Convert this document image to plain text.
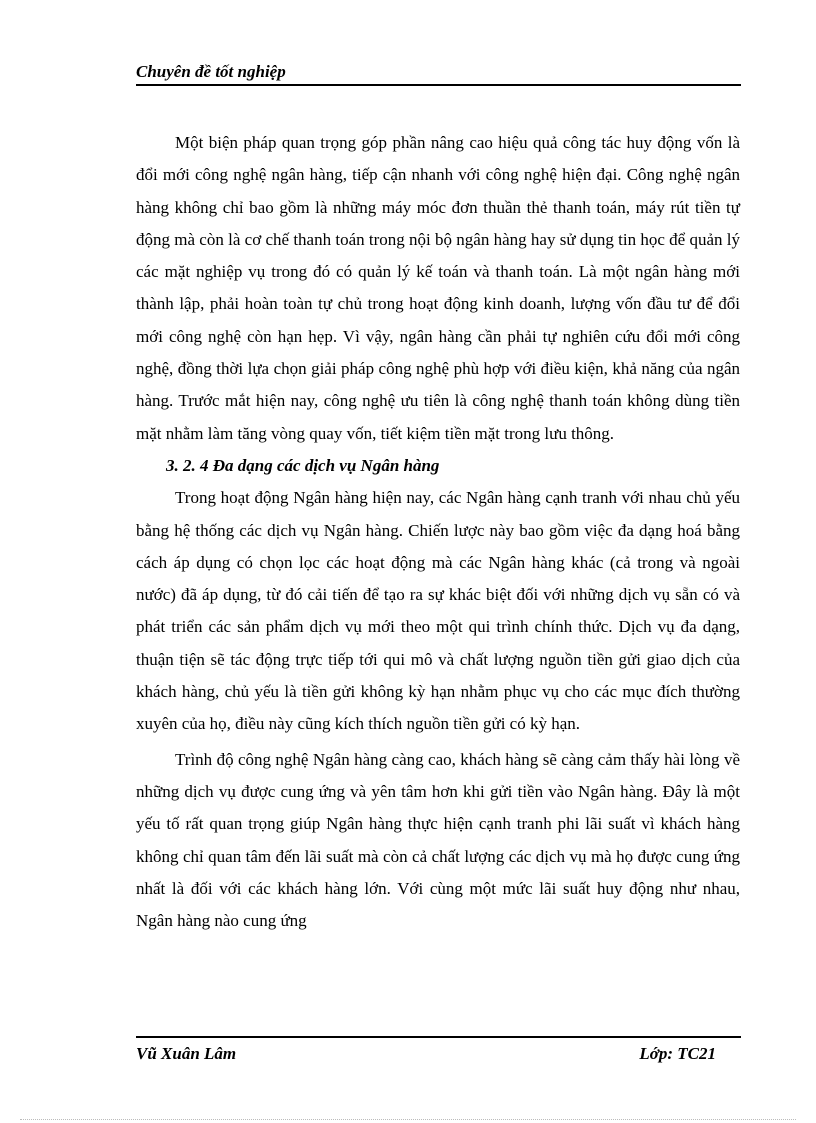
Chuyên đề tốt nghiệp

Một biện pháp quan trọng góp phần nâng cao hiệu quả công tác huy động vốn là đổi mới công nghệ ngân hàng, tiếp cận nhanh với công nghệ hiện đại. Công nghệ ngân hàng không chỉ bao gồm là những máy móc đơn thuần thẻ thanh toán, máy rút tiền tự động mà còn là cơ chế thanh toán trong nội bộ ngân hàng hay sử dụng tin học để quản lý các mặt nghiệp vụ trong đó có quản lý kế toán và thanh toán. Là một ngân hàng mới thành lập, phải hoàn toàn tự chủ trong hoạt động kinh doanh, lượng vốn đầu tư để đổi mới công nghệ còn hạn hẹp. Vì vậy, ngân hàng cần phải tự nghiên cứu đổi mới công nghệ, đồng thời lựa chọn giải pháp công nghệ phù hợp với điều kiện, khả năng của ngân hàng. Trước mắt hiện nay, công nghệ ưu tiên là công nghệ thanh toán không dùng tiền mặt nhằm làm tăng vòng quay vốn, tiết kiệm tiền mặt trong lưu thông.

3. 2. 4 Đa dạng các dịch vụ Ngân hàng

Trong hoạt động Ngân hàng hiện nay, các Ngân hàng cạnh tranh với nhau chủ yếu bằng hệ thống các dịch vụ Ngân hàng. Chiến lược này bao gồm việc đa dạng hoá bằng cách áp dụng có chọn lọc các hoạt động mà các Ngân hàng khác (cả trong và ngoài nước) đã áp dụng, từ đó cải tiến để tạo ra sự khác biệt đối với những dịch vụ sẵn có và phát triển các sản phẩm dịch vụ mới theo một qui trình chính thức. Dịch vụ đa dạng, thuận tiện sẽ tác động trực tiếp tới qui mô và chất lượng nguồn tiền gửi giao dịch của khách hàng, chủ yếu là tiền gửi không kỳ hạn nhằm phục vụ cho các mục đích thường xuyên của họ, điều này cũng kích thích nguồn tiền gửi có kỳ hạn.

Trình độ công nghệ Ngân hàng càng cao, khách hàng sẽ càng cảm thấy hài lòng về những dịch vụ được cung ứng và yên tâm hơn khi gửi tiền vào Ngân hàng. Đây là một yếu tố rất quan trọng giúp Ngân hàng thực hiện cạnh tranh phi lãi suất vì khách hàng không chỉ quan tâm đến lãi suất mà còn cả chất lượng các dịch vụ mà họ được cung ứng nhất là đối với các khách hàng lớn. Với cùng một mức lãi suất huy động như nhau, Ngân hàng nào cung ứng

Vũ Xuân Lâm	Lớp: TC21
